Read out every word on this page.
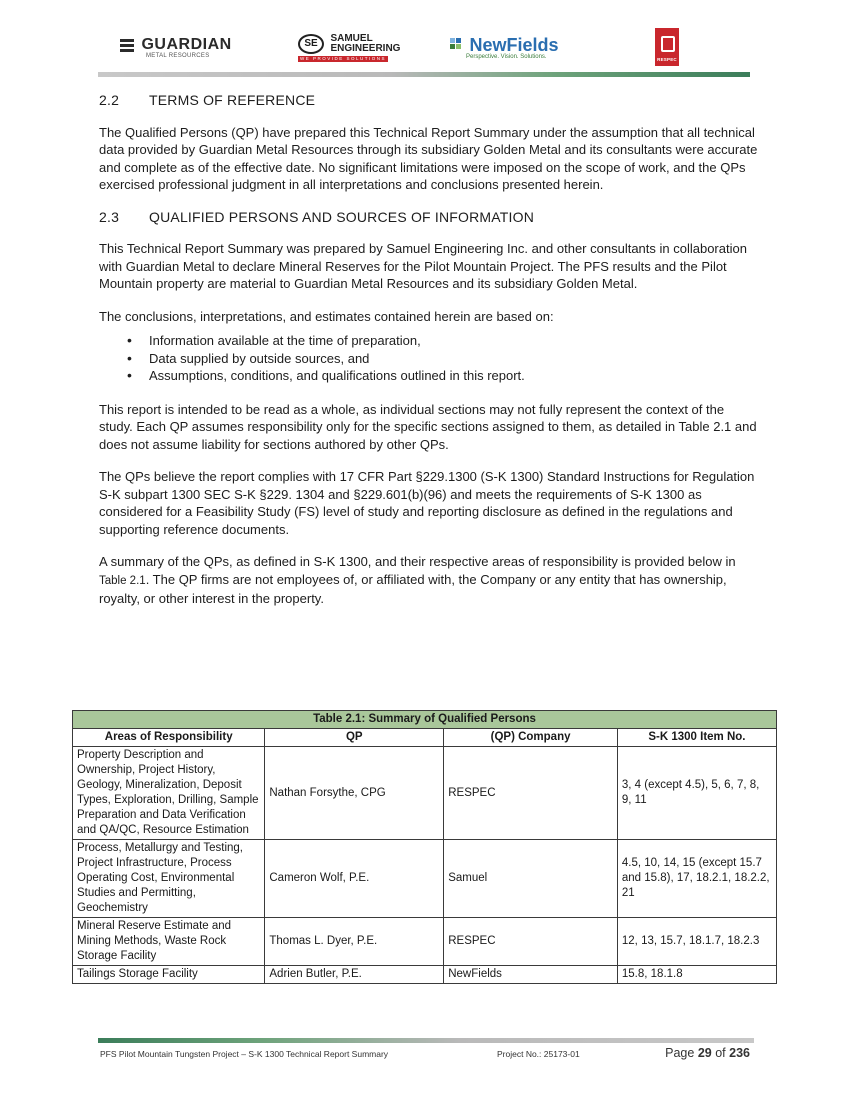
GUARDIAN
METAL RESOURCES
SE SAMUEL
ENGINEERING
WE PROVIDE SOLUTIONS
NewFields
Perspective. Vision. Solutions.	RESPEC
2.2 TERMS OF REFERENCE

The Qualified Persons (QP) have prepared this Technical Report Summary under the assumption that all technical data provided by Guardian Metal Resources through its subsidiary Golden Metal and its consultants were accurate and complete as of the effective date. No significant limitations were imposed on the scope of work, and the QPs exercised professional judgment in all interpretations and conclusions presented herein.

2.3 QUALIFIED PERSONS AND SOURCES OF INFORMATION

This Technical Report Summary was prepared by Samuel Engineering Inc. and other consultants in collaboration with Guardian Metal to declare Mineral Reserves for the Pilot Mountain Project. The PFS results and the Pilot Mountain property are material to Guardian Metal Resources and its subsidiary Golden Metal.

The conclusions, interpretations, and estimates contained herein are based on:

• Information available at the time of preparation,
• Data supplied by outside sources, and
• Assumptions, conditions, and qualifications outlined in this report.

This report is intended to be read as a whole, as individual sections may not fully represent the context of the study. Each QP assumes responsibility only for the specific sections assigned to them, as detailed in Table 2.1 and does not assume liability for sections authored by other QPs.

The QPs believe the report complies with 17 CFR Part §229.1300 (S-K 1300) Standard Instructions for Regulation S-K subpart 1300 SEC S-K §229. 1304 and §229.601(b)(96) and meets the requirements of S-K 1300 as considered for a Feasibility Study (FS) level of study and reporting disclosure as defined in the regulations and supporting reference documents.

A summary of the QPs, as defined in S-K 1300, and their respective areas of responsibility is provided below in Table 2.1. The QP firms are not employees of, or affiliated with, the Company or any entity that has ownership, royalty, or other interest in the property.

Table 2.1: Summary of Qualified Persons			
Areas of Responsibility	QP	(QP) Company	S-K 1300 Item No.
Property Description and Ownership, Project History, Geology, Mineralization, Deposit Types, Exploration, Drilling, Sample Preparation and Data Verification and QA/QC, Resource Estimation	Nathan Forsythe, CPG	RESPEC	3, 4 (except 4.5), 5, 6, 7, 8, 9, 11
Process, Metallurgy and Testing, Project Infrastructure, Process Operating Cost, Environmental Studies and Permitting, Geochemistry	Cameron Wolf, P.E.	Samuel	4.5, 10, 14, 15 (except 15.7 and 15.8), 17, 18.2.1, 18.2.2, 21
Mineral Reserve Estimate and Mining Methods, Waste Rock Storage Facility	Thomas L. Dyer, P.E.	RESPEC	12, 13, 15.7, 18.1.7, 18.2.3
Tailings Storage Facility	Adrien Butler, P.E.	NewFields	15.8, 18.1.8
PFS Pilot Mountain Tungsten Project – S-K 1300 Technical Report Summary	Project No.: 25173-01	Page 29 of 236
